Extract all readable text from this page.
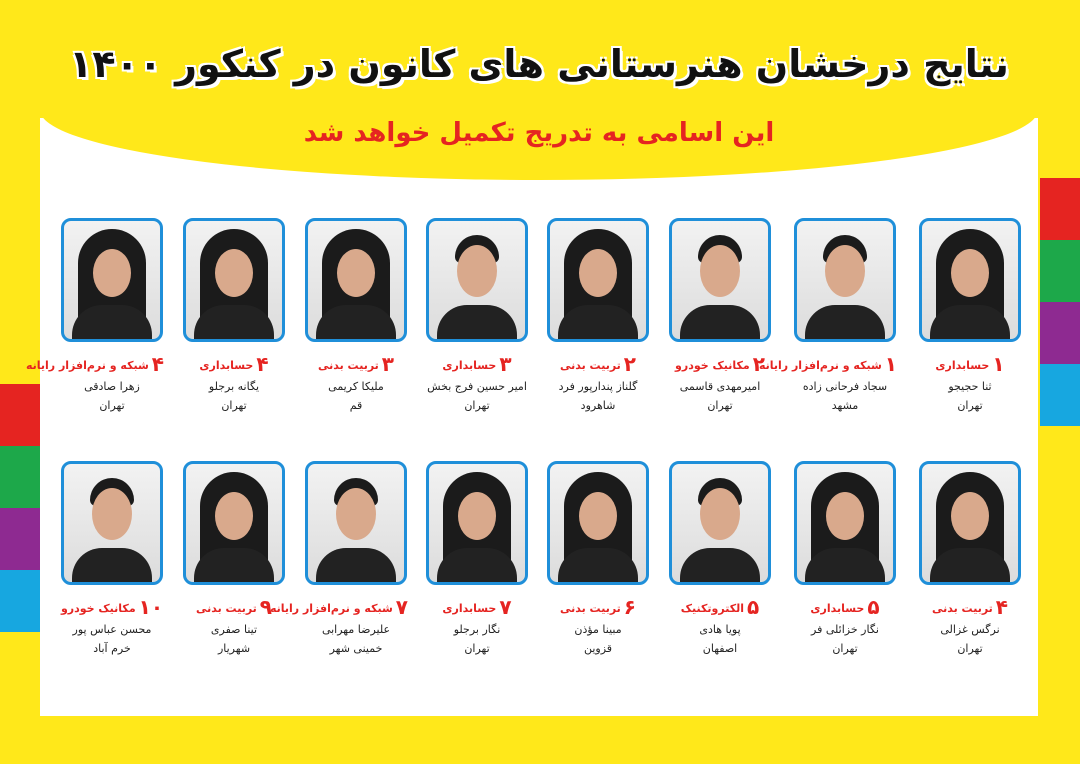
نتایج درخشان هنرستانی های کانون در کنکور ۱۴۰۰
این اسامی به تدریج تکمیل خواهد شد
۱حسابداری
ثنا حجیجو
تهران
۱شبکه و نرم‌افزار رایانه
سجاد فرحانی زاده
مشهد
۲مکانیک خودرو
امیرمهدی قاسمی
تهران
۲تربیت بدنی
گلناز پندارپور فرد
شاهرود
۳حسابداری
امیر حسین فرج بخش
تهران
۳تربیت بدنی
ملیکا کریمی
قم
۴حسابداری
یگانه برجلو
تهران
۴شبکه و نرم‌افزار رایانه
زهرا صادقی
تهران
۴تربیت بدنی
نرگس غزالی
تهران
۵حسابداری
نگار خزائلی فر
تهران
۵الکتروتکنیک
پویا هادی
اصفهان
۶تربیت بدنی
مبینا مؤذن
قزوین
۷حسابداری
نگار برجلو
تهران
۷شبکه و نرم‌افزار رایانه
علیرضا مهرابی
خمینی شهر
۹تربیت بدنی
تینا صفری
شهریار
۱۰مکانیک خودرو
محسن عباس پور
خرم آباد
